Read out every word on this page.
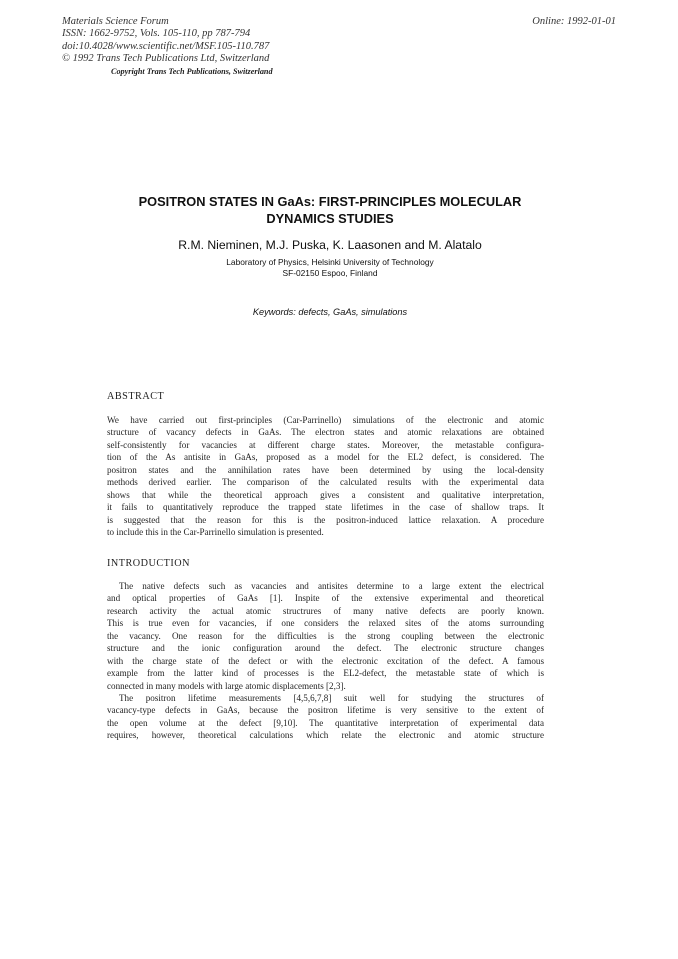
Materials Science Forum
ISSN: 1662-9752, Vols. 105-110, pp 787-794
doi:10.4028/www.scientific.net/MSF.105-110.787
© 1992 Trans Tech Publications Ltd, Switzerland
Online: 1992-01-01
Copyright Trans Tech Publications, Switzerland
POSITRON STATES IN GaAs: FIRST-PRINCIPLES MOLECULAR
DYNAMICS STUDIES
R.M. Nieminen, M.J. Puska, K. Laasonen and M. Alatalo
Laboratory of Physics, Helsinki University of Technology
SF-02150 Espoo, Finland
Keywords: defects, GaAs, simulations
ABSTRACT
We have carried out first-principles (Car-Parrinello) simulations of the electronic and atomic
structure of vacancy defects in GaAs. The electron states and atomic relaxations are obtained
self-consistently for vacancies at different charge states. Moreover, the metastable configura-
tion of the As antisite in GaAs, proposed as a model for the EL2 defect, is considered. The
positron states and the annihilation rates have been determined by using the local-density
methods derived earlier. The comparison of the calculated results with the experimental data
shows that while the theoretical approach gives a consistent and qualitative interpretation,
it fails to quantitatively reproduce the trapped state lifetimes in the case of shallow traps. It
is suggested that the reason for this is the positron-induced lattice relaxation. A procedure
to include this in the Car-Parrinello simulation is presented.
INTRODUCTION
The native defects such as vacancies and antisites determine to a large extent the electrical
and optical properties of GaAs [1]. Inspite of the extensive experimental and theoretical
research activity the actual atomic structrures of many native defects are poorly known.
This is true even for vacancies, if one considers the relaxed sites of the atoms surrounding
the vacancy. One reason for the difficulties is the strong coupling between the electronic
structure and the ionic configuration around the defect. The electronic structure changes
with the charge state of the defect or with the electronic excitation of the defect. A famous
example from the latter kind of processes is the EL2-defect, the metastable state of which is
connected in many models with large atomic displacements [2,3].
The positron lifetime measurements [4,5,6,7,8] suit well for studying the structures of
vacancy-type defects in GaAs, because the positron lifetime is very sensitive to the extent of
the open volume at the defect [9,10]. The quantitative interpretation of experimental data
requires, however, theoretical calculations which relate the electronic and atomic structure
